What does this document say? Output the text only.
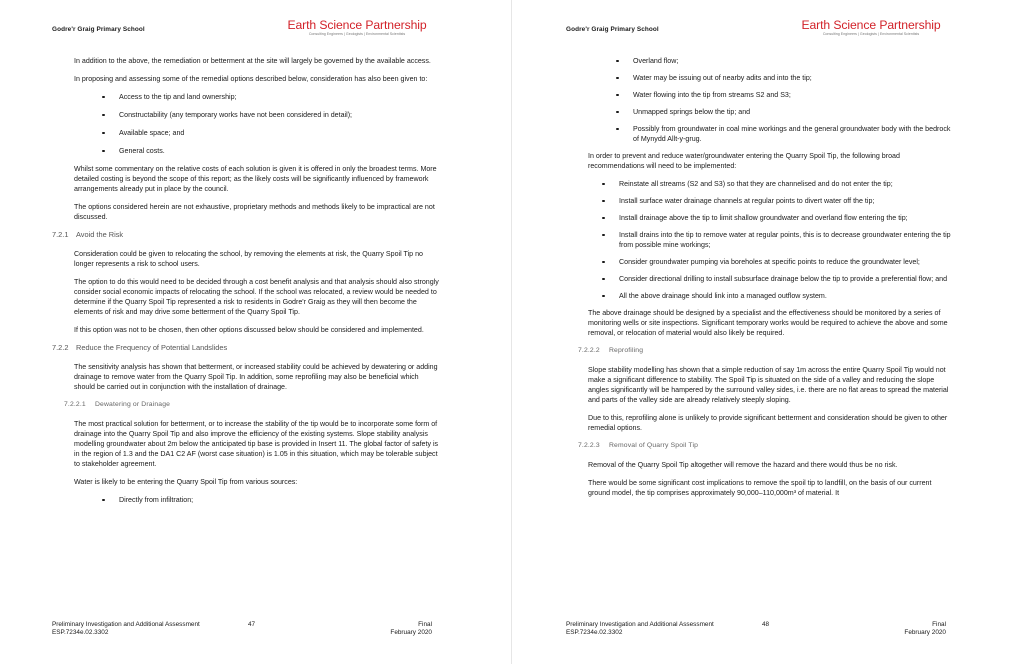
Godre'r Graig Primary School	Earth Science Partnership
Consulting Engineers | Geologists | Environmental Scientists

In addition to the above, the remediation or betterment at the site will largely be governed by the available access.

In proposing and assessing some of the remedial options described below, consideration has also been given to:

Access to the tip and land ownership;
Constructability (any temporary works have not been considered in detail);
Available space; and
General costs.

Whilst some commentary on the relative costs of each solution is given it is offered in only the broadest terms. More detailed costing is beyond the scope of this report; as the likely costs will be significantly influenced by framework arrangements already put in place by the council.

The options considered herein are not exhaustive, proprietary methods and methods likely to be impractical are not discussed.

7.2.1 Avoid the Risk

Consideration could be given to relocating the school, by removing the elements at risk, the Quarry Spoil Tip no longer represents a risk to school users.

The option to do this would need to be decided through a cost benefit analysis and that analysis should also strongly consider social economic impacts of relocating the school. If the school was relocated, a review would be needed to determine if the Quarry Spoil Tip represented a risk to residents in Godre'r Graig as they will then become the elements of risk and may drive some betterment of the Quarry Spoil Tip.

If this option was not to be chosen, then other options discussed below should be considered and implemented.

7.2.2 Reduce the Frequency of Potential Landslides

The sensitivity analysis has shown that betterment, or increased stability could be achieved by dewatering or adding drainage to remove water from the Quarry Spoil Tip. In addition, some reprofiling may also be beneficial which should be carried out in conjunction with the installation of drainage.

7.2.2.1 Dewatering or Drainage

The most practical solution for betterment, or to increase the stability of the tip would be to incorporate some form of drainage into the Quarry Spoil Tip and also improve the efficiency of the existing systems. Slope stability analysis modelling groundwater about 2m below the anticipated tip base is provided in Insert 11. The global factor of safety is in the region of 1.3 and the DA1 C2 AF (worst case situation) is 1.05 in this situation, which may be tolerable subject to stakeholder agreement.

Water is likely to be entering the Quarry Spoil Tip from various sources:

Directly from infiltration;
Preliminary Investigation and Additional Assessment
ESP.7234e.02.3302
47	Final
February 2020
Godre'r Graig Primary School	Earth Science Partnership
Consulting Engineers | Geologists | Environmental Scientists
Overland flow;
Water may be issuing out of nearby adits and into the tip;
Water flowing into the tip from streams S2 and S3;
Unmapped springs below the tip; and
Possibly from groundwater in coal mine workings and the general groundwater body with the bedrock of Mynydd Allt-y-grug.

In order to prevent and reduce water/groundwater entering the Quarry Spoil Tip, the following broad recommendations will need to be implemented:

Reinstate all streams (S2 and S3) so that they are channelised and do not enter the tip;
Install surface water drainage channels at regular points to divert water off the tip;
Install drainage above the tip to limit shallow groundwater and overland flow entering the tip;
Install drains into the tip to remove water at regular points, this is to decrease groundwater entering the tip from possible mine workings;
Consider groundwater pumping via boreholes at specific points to reduce the groundwater level;
Consider directional drilling to install subsurface drainage below the tip to provide a preferential flow; and
All the above drainage should link into a managed outflow system.

The above drainage should be designed by a specialist and the effectiveness should be monitored by a series of monitoring wells or site inspections. Significant temporary works would be required to achieve the above and some removal, or relocation of material would also likely be required.

7.2.2.2 Reprofiling

Slope stability modelling has shown that a simple reduction of say 1m across the entire Quarry Spoil Tip would not make a significant difference to stability. The Spoil Tip is situated on the side of a valley and reducing the slope angles significantly will be hampered by the surround valley sides, i.e. there are no flat areas to spread the material and parts of the valley side are already relatively steeply sloping.

Due to this, reprofiling alone is unlikely to provide significant betterment and consideration should be given to other remedial options.

7.2.2.3 Removal of Quarry Spoil Tip

Removal of the Quarry Spoil Tip altogether will remove the hazard and there would thus be no risk.

There would be some significant cost implications to remove the spoil tip to landfill, on the basis of our current ground model, the tip comprises approximately 90,000–110,000m³ of material. It

Preliminary Investigation and Additional Assessment
ESP.7234e.02.3302
48	Final
February 2020
